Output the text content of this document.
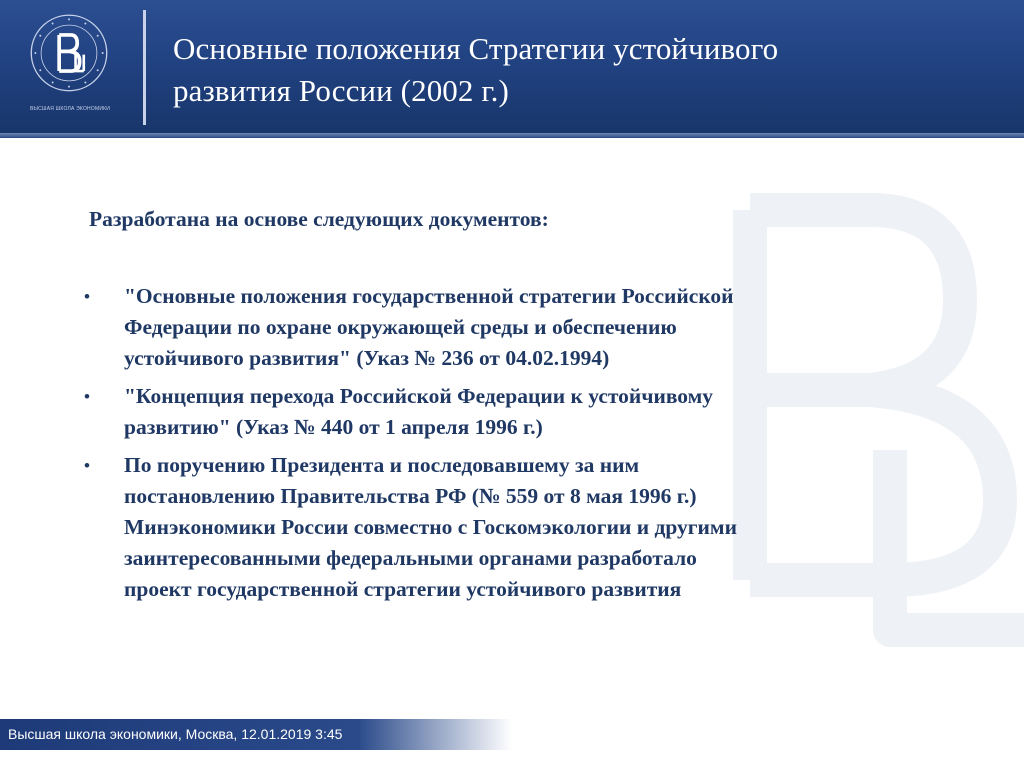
ВЫСШАЯ ШКОЛА ЭКОНОМИКИ
Основные положения Стратегии устойчивого
развития России (2002 г.)

Разработана на основе следующих документов:

• "Основные положения государственной стратегии Российской
Федерации по охране окружающей среды и обеспечению
устойчивого развития" (Указ № 236 от 04.02.1994)
• "Концепция перехода Российской Федерации к устойчивому
развитию" (Указ № 440 от 1 апреля 1996 г.)
• По поручению Президента и последовавшему за ним
постановлению Правительства РФ (№ 559 от 8 мая 1996 г.)
Минэкономики России совместно с Госкомэкологии и другими
заинтересованными федеральными органами разработало
проект государственной стратегии устойчивого развития
Высшая школа экономики, Москва, 12.01.2019 3:45
